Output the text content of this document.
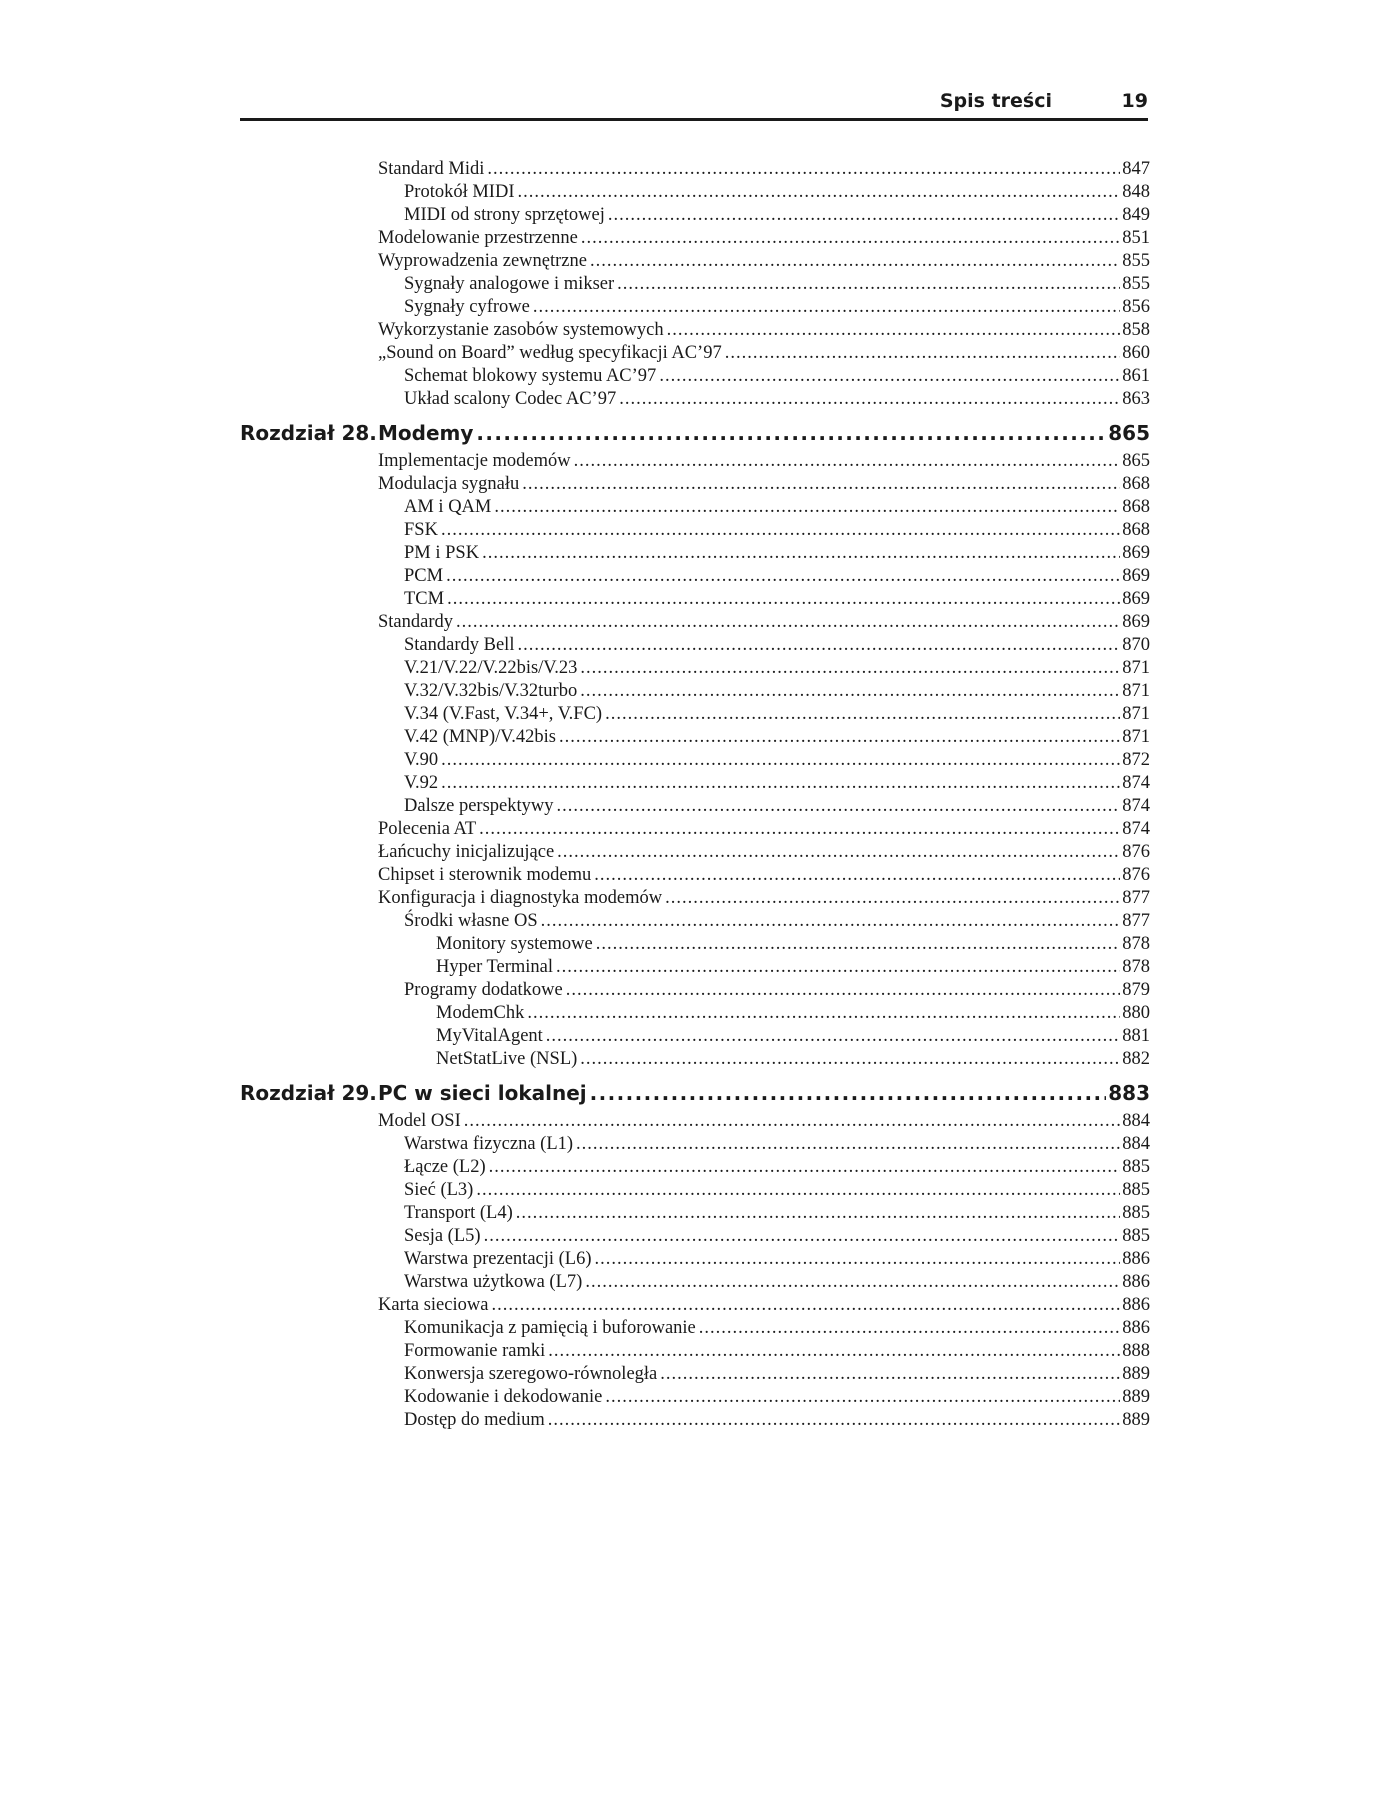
Spis treści	19
Standard Midi .....	847
Protokół MIDI .....	848
MIDI od strony sprzętowej .....	849
Modelowanie przestrzenne .....	851
Wyprowadzenia zewnętrzne .....	855
Sygnały analogowe i mikser .....	855
Sygnały cyfrowe .....	856
Wykorzystanie zasobów systemowych .....	858
„Sound on Board” według specyfikacji AC’97 .....	860
Schemat blokowy systemu AC’97 .....	861
Układ scalony Codec AC’97 .....	863
Rozdział 28. Modemy .....	865
Implementacje modemów .....	865
Modulacja sygnału .....	868
AM i QAM .....	868
FSK .....	868
PM i PSK .....	869
PCM .....	869
TCM .....	869
Standardy .....	869
Standardy Bell .....	870
V.21/V.22/V.22bis/V.23 .....	871
V.32/V.32bis/V.32turbo .....	871
V.34 (V.Fast, V.34+, V.FC) .....	871
V.42 (MNP)/V.42bis .....	871
V.90 .....	872
V.92 .....	874
Dalsze perspektywy .....	874
Polecenia AT .....	874
Łańcuchy inicjalizujące .....	876
Chipset i sterownik modemu .....	876
Konfiguracja i diagnostyka modemów .....	877
Środki własne OS .....	877
Monitory systemowe .....	878
Hyper Terminal .....	878
Programy dodatkowe .....	879
ModemChk .....	880
MyVitalAgent .....	881
NetStatLive (NSL) .....	882
Rozdział 29. PC w sieci lokalnej .....	883
Model OSI .....	884
Warstwa fizyczna (L1) .....	884
Łącze (L2) .....	885
Sieć (L3) .....	885
Transport (L4) .....	885
Sesja (L5) .....	885
Warstwa prezentacji (L6) .....	886
Warstwa użytkowa (L7) .....	886
Karta sieciowa .....	886
Komunikacja z pamięcią i buforowanie .....	886
Formowanie ramki .....	888
Konwersja szeregowo-równoległa .....	889
Kodowanie i dekodowanie .....	889
Dostęp do medium .....	889
